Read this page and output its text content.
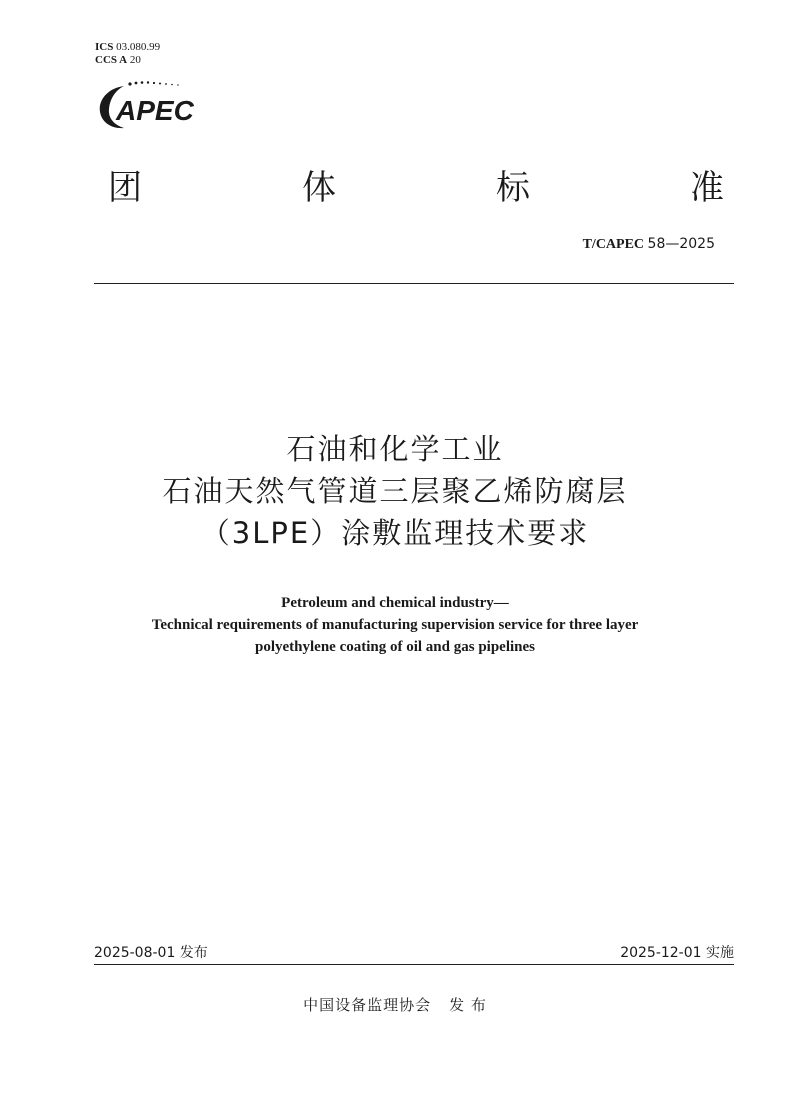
ICS 03.080.99
CCS A 20
APEC
团	体	标	准
T/CAPEC 58—2025
石油和化学工业
石油天然气管道三层聚乙烯防腐层
（3LPE）涂敷监理技术要求
Petroleum and chemical industry—
Technical requirements of manufacturing supervision service for three layer
polyethylene coating of oil and gas pipelines
2025-08-01 发布	2025-12-01 实施
中国设备监理协会 发 布
